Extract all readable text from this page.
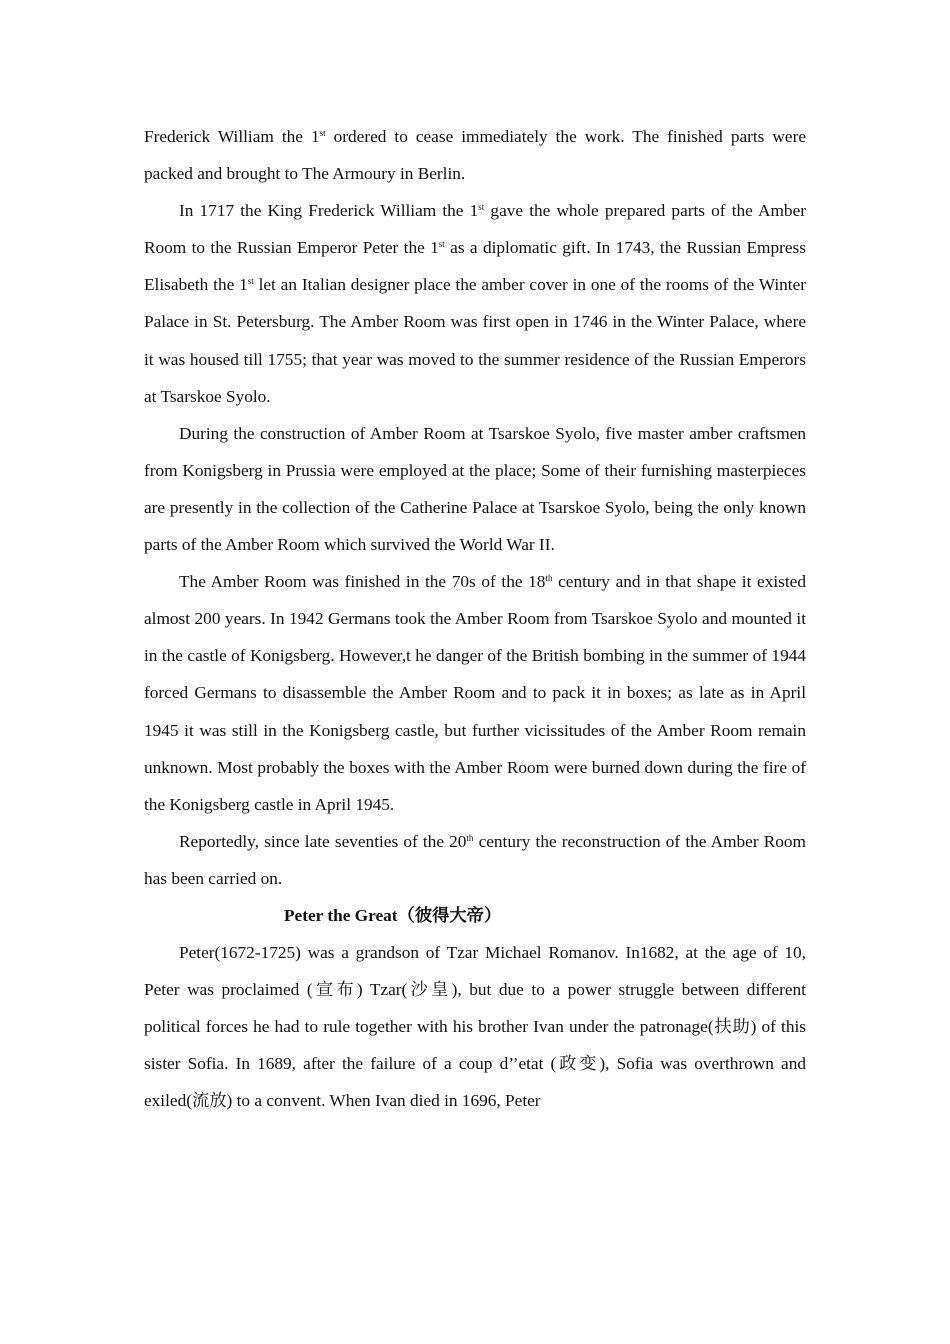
Frederick William the 1st ordered to cease immediately the work. The finished parts were packed and brought to The Armoury in Berlin.

In 1717 the King Frederick William the 1st gave the whole prepared parts of the Amber Room to the Russian Emperor Peter the 1st as a diplomatic gift. In 1743, the Russian Empress Elisabeth the 1st let an Italian designer place the amber cover in one of the rooms of the Winter Palace in St. Petersburg. The Amber Room was first open in 1746 in the Winter Palace, where it was housed till 1755; that year was moved to the summer residence of the Russian Emperors at Tsarskoe Syolo.

During the construction of Amber Room at Tsarskoe Syolo, five master amber craftsmen from Konigsberg in Prussia were employed at the place; Some of their furnishing masterpieces are presently in the collection of the Catherine Palace at Tsarskoe Syolo, being the only known parts of the Amber Room which survived the World War II.

The Amber Room was finished in the 70s of the 18th century and in that shape it existed almost 200 years. In 1942 Germans took the Amber Room from Tsarskoe Syolo and mounted it in the castle of Konigsberg. However,t he danger of the British bombing in the summer of 1944 forced Germans to disassemble the Amber Room and to pack it in boxes; as late as in April 1945 it was still in the Konigsberg castle, but further vicissitudes of the Amber Room remain unknown. Most probably the boxes with the Amber Room were burned down during the fire of the Konigsberg castle in April 1945.

Reportedly, since late seventies of the 20th century the reconstruction of the Amber Room has been carried on.

Peter the Great（彼得大帝）

Peter(1672-1725) was a grandson of Tzar Michael Romanov. In1682, at the age of 10, Peter was proclaimed (宣布) Tzar(沙皇), but due to a power struggle between different political forces he had to rule together with his brother Ivan under the patronage(扶助) of this sister Sofia. In 1689, after the failure of a coup d’’etat (政变), Sofia was overthrown and exiled(流放) to a convent. When Ivan died in 1696, Peter
